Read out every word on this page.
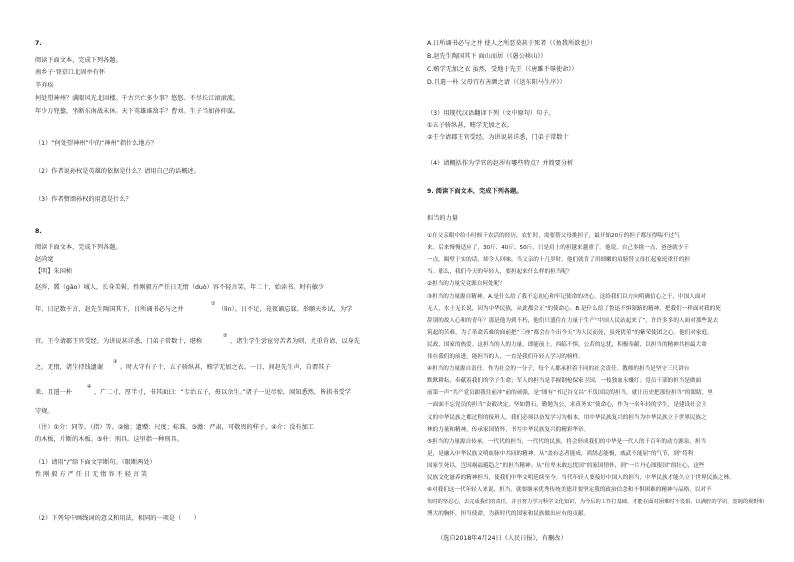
7.
阅读下面文本，完成下列各题。
南乡子·登京口北固亭有怀
辛弃疾
何处望神州？满眼风光北固楼。千古兴亡多少事？悠悠。不尽长江滚滚流。
年少万兜鍪，坐断东南战未休。天下英雄谁敌手？曹刘。生子当如孙仲谋。
（1）“何处望神州”中的“神州”指什么地方？
（2）作者说孙权是英雄的依据是什么？请用自己的话概述。
（3）作者赞颂孙权的用意是什么？
8.
阅读下面文本，完成下列各题。
赵尚宽
【明】朱国桢
赵浑，冀（gāo）城人，长身美髯，性刚毅方严任日无惰（duò）容不轻言笑。年二十，始读书。时有敏少
年，日记数千言，赵先生陶国其下，日所诵书必与之并
①
（lìn）。日不足，竟夜诵忘寐。举顺天乡试，为学
官。王令请郡王官受经，为讲说甚详悉，门弟子常数十，堪称
②
，诸生学生尝宦穷苦者为则，尤重肯请，以身先
之。无惰，诸生持钱遗谢
③
。时大守有子十，五子骄纵甚，贿学无加之衣。一日，间赵先生声，自谓其子
来，且遣一朴
④
，广二寸，厚半寸，书其面曰：“专治五子，毋以余生。”诸子一见尽惊，闻知悉然，皆拱书受学
守规。
（注）①介：同等。（指）等。②恤：遗赠：尺度；标准。③澹：严肃，可敬畏的样子。④介：没有加工
的木板，片断的木板。⑤朴：刑具。这里指一种刑具。
（1）请用“/”给下面文字断句。（限断两处）
性 刚 毅 方 严 任 日 无 惰 容 不 轻 言 笑
（2）下列句中画线词的意义和用法，相同的一项是（　　）
A.日所诵书必与之并 使人之所恶莫甚于死者（《鱼我所欲也》）
B.赵先生陶国其下 面山而居（《愚公移山》）
C.贿学无加之衣 虽然，受地于先王（《唐雎不辱使命》）
D.且遣一朴 父母宜有善颜之请（《送东阳马生序》）
（3）用现代汉语翻译下列（文中原句）句子。
①五子骄纵甚，贿学无加之衣。
②王令请郡王官受经，为讲说甚详悉，门弟子常数十
（4）请概括作为学官的赵浑有哪些特点？并简要分析
9. 阅读下面文本，完成下列各题。
担当的力量
①在父亲眼中给小时候干农活的经历。农忙时，需要帮父母挑担子，最开始20斤的担子都压得喘不过气
来。后来慢慢适应了，30斤、40斤、50斤，只是肩上的担越来越重了。他说，自己多挑一点，爸爸就少干
一点。隔壁于实的话，却令人回味。当父亲的十几岁时，他们就肯了用细嫩的肩膀替父母扛起家庭重任的担
当。那么，我们今天的年轻人，要担起来什么样的担当呢？
②担当的力量究竟源自何处呢？
③担当的力量源自精神。A.是什么给了我不忘初心和牢记使命的决心，这给我们以方向明确信心之于，中国人面对
无人，水土无长说，因为中华民族，从此都会正“的使命心。B.是什么给了鲁迅不惧领路的精神，把我们一样面对我的死
辞别的故人心和的青年？那是他为到不朽，他们只盛住在力量于生产“中国人民站起来了”，许许多多的人面对那些说去
筑起的苦难。为了革命苦难的面前把“三座”都会在个出今天“为人民而死，虽死犹荣”的紫荣使团之心。他们对家庭，
民政，国家的热爱。这担当的人的力量。即能前上，西临不惧，公若的忘忧，积极奉献，以担当的精神共担最大命
伟在我们的前进，能担当的人，一直是我们年轻人学习的榜样。
④担当的力量源自责任。作为社会的一分子，每个人都承担着不同的社会责任。教师的担当是坚守三尺讲台
默默耕耘，奉献着我们的学子生命；军人的担当是手握钢枪保家卫国，一枝独血永赚红；党员干部的担当是做面
前第一声“共产党员跟我往前冲”前的顽强，是“图有”书记谷文昌“不负国民的担当。就让历史把那份担当”的眼睛，里
一面面不忘党员的担当“责毅决定，坚如磐石，勤勉为公，求真务实”使命心，作为一名年轻的学生，是建设社会主
义的中华民族之都过程的接班人。我们必须以奋发学习为根本，用中华民族复兴的担当为中华民族立于世界民族之
林的力量和精神，传承家国情怀，书写中华民族复兴的精彩华章。
⑤担当的力量源自传承。一代代的担当，一代代的民族，将会形成我们的中华是一代人的千百年的动力源泉，担当
是，是融入中华民族文明血脉中共同的精神，从“盖有志者能成，鸿鹄志能极，威武不能屈”的气节，到“苟利
国家生死以，岂因祸福避趋之”的担当精神；从“位卑未敢忘忧国”的家国情怀，到“一片丹心图报国”的壮心，这些
民族文化滋养的精神担当，使我们中华文明延续至今。当代年轻人要接好中国人的担当，中华民族才能久立于世界民族之林。
⑥对我们这一代年轻人来说，担当，就要继承优秀传统美德并要坚定我的政治信念和不惧困难的精神与品格，以对不
负时的坚忍心，去完成我们的责任，并且努力学习科学文化知识，为今后的工作打基础，才能在面对困难时不畏惧，以满腔的学识，宽阔的视野和
博大的胸怀，担当使命，为新时代的国家和民族做出应有的贡献。
（选自2018年4月24日《人民日报》，有删改）
